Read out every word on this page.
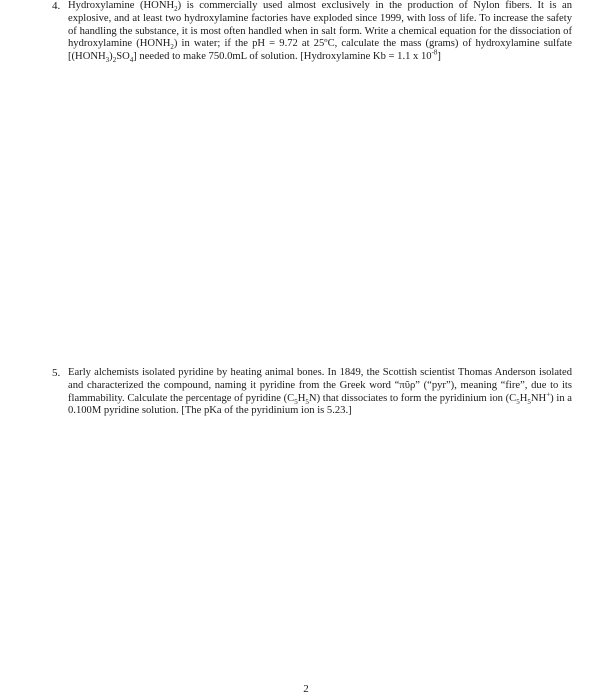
4. Hydroxylamine $(HONH_2)$ is commercially used almost exclusively in the production of Nylon fibers. It is an explosive, and at least two hydroxylamine factories have exploded since 1999, with loss of life. To increase the safety of handling the substance, it is most often handled when in salt form. Write a chemical equation for the dissociation of hydroxylamine $(HONH_2)$ in water; if the pH = 9.72 at 25ºC, calculate the mass (grams) of hydroxylamine sulfate $[(HONH_3)_2SO_4]$ needed to make 750.0mL of solution. [Hydroxylamine Kb = 1.1 x $10^{-8}$]
5. Early alchemists isolated pyridine by heating animal bones. In 1849, the Scottish scientist Thomas Anderson isolated and characterized the compound, naming it pyridine from the Greek word “πῦρ” (“pyr”), meaning “fire”, due to its flammability. Calculate the percentage of pyridine $(C_5H_5N)$ that dissociates to form the pyridinium ion $(C_5H_5NH^+)$ in a 0.100M pyridine solution. [The pKa of the pyridinium ion is 5.23.]
2
